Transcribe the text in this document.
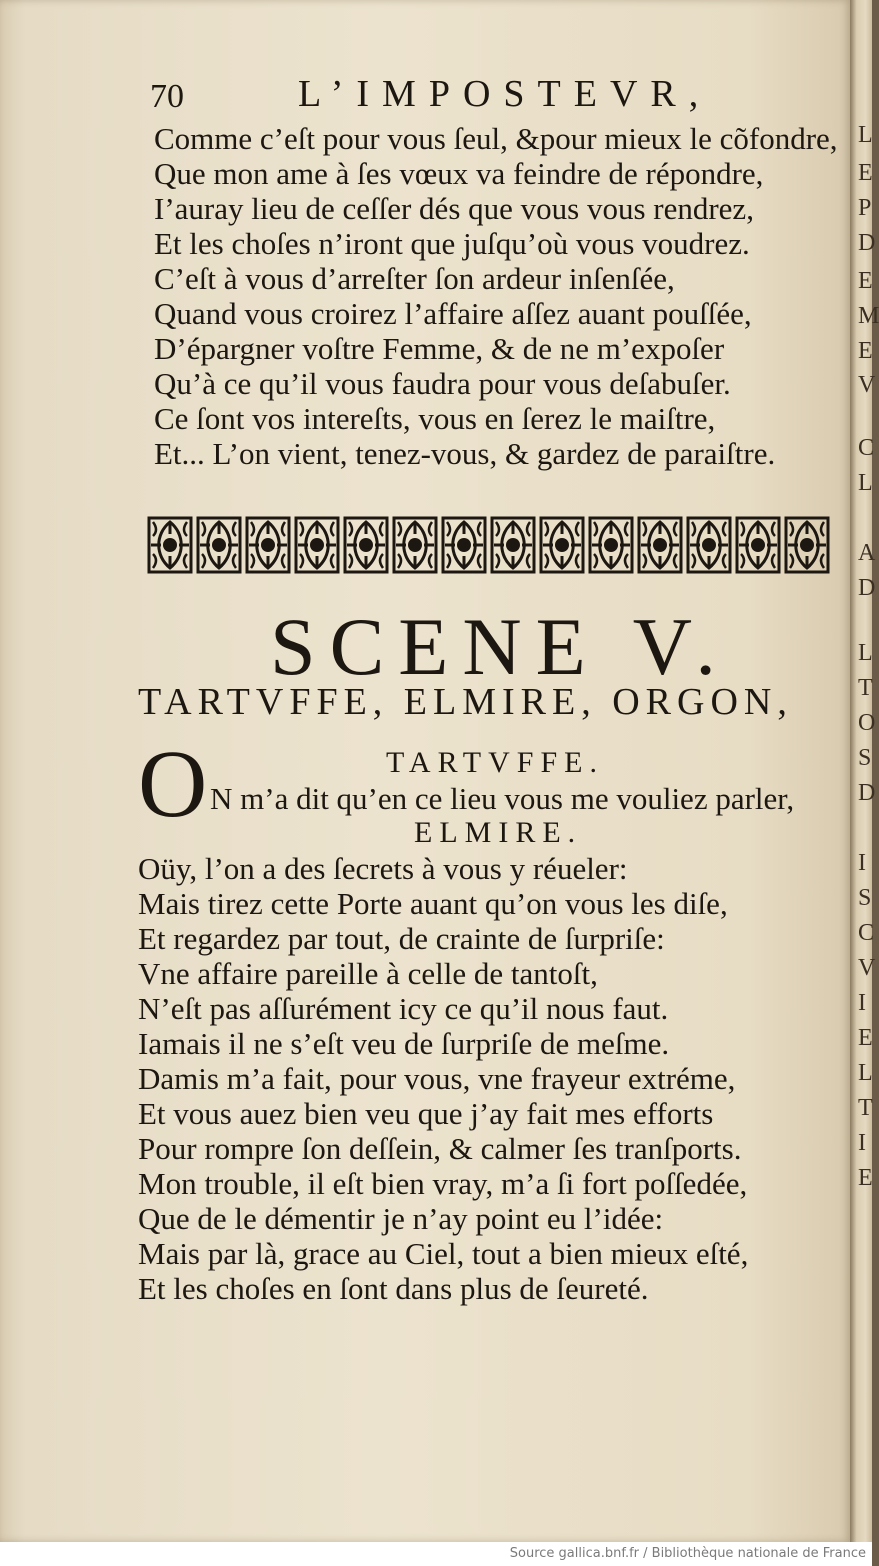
70	L’IMPOSTEVR,
Comme c’eſt pour vous ſeul, &pour mieux le cõfondre,
Que mon ame à ſes vœux va feindre de répondre,
I’auray lieu de ceſſer dés que vous vous rendrez,
Et les choſes n’iront que juſqu’où vous voudrez.
C’eſt à vous d’arreſter ſon ardeur inſenſée,
Quand vous croirez l’affaire aſſez auant pouſſée,
D’épargner voſtre Femme, & de ne m’expoſer
Qu’à ce qu’il vous faudra pour vous deſabuſer.
Ce ſont vos intereſts, vous en ſerez le maiſtre,
Et... L’on vient, tenez-vous, & gardez de paraiſtre.
SCENE V.
TARTVFFE, ELMIRE, ORGON,
TARTVFFE.
O N m’a dit qu’en ce lieu vous me vouliez parler,
ELMIRE.
Oüy, l’on a des ſecrets à vous y réueler:
Mais tirez cette Porte auant qu’on vous les diſe,
Et regardez par tout, de crainte de ſurpriſe:
Vne affaire pareille à celle de tantoſt,
N’eſt pas aſſurément icy ce qu’il nous faut.
Iamais il ne s’eſt veu de ſurpriſe de meſme.
Damis m’a fait, pour vous, vne frayeur extréme,
Et vous auez bien veu que j’ay fait mes efforts
Pour rompre ſon deſſein, & calmer ſes tranſports.
Mon trouble, il eſt bien vray, m’a ſi fort poſſedée,
Que de le démentir je n’ay point eu l’idée:
Mais par là, grace au Ciel, tout a bien mieux eſté,
Et les choſes en ſont dans plus de ſeureté.
L
E
P
D
E
M
E
V
C
L
A
D
L
T
O
S
D
I
S
C
V
I
E
L
T
I
E
Source gallica.bnf.fr / Bibliothèque nationale de France
